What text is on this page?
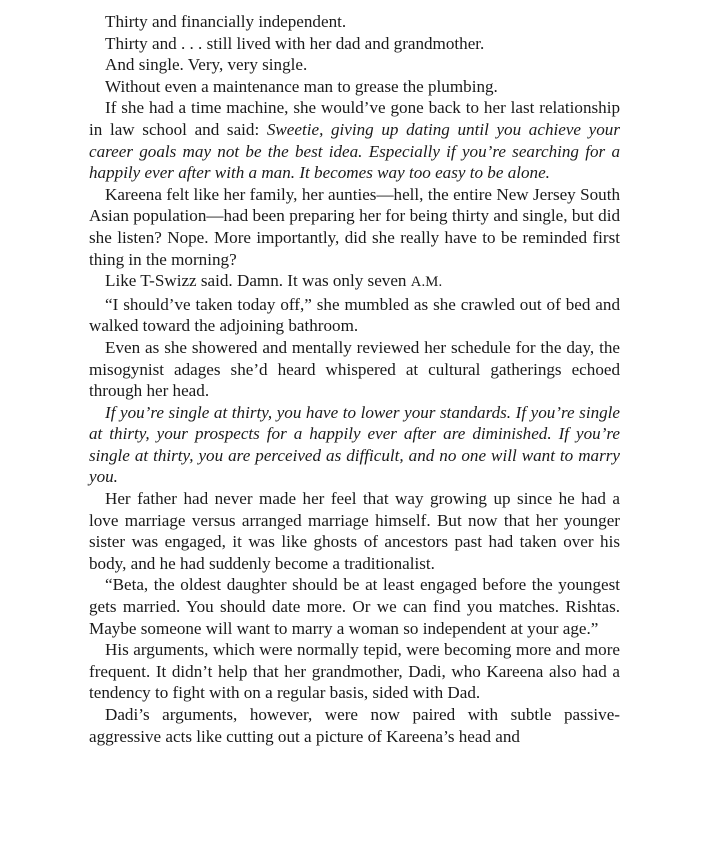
Thirty and financially independent.

Thirty and . . . still lived with her dad and grandmother.

And single. Very, very single.

Without even a maintenance man to grease the plumbing.

If she had a time machine, she would’ve gone back to her last relationship in law school and said: Sweetie, giving up dating until you achieve your career goals may not be the best idea. Especially if you’re searching for a happily ever after with a man. It becomes way too easy to be alone.

Kareena felt like her family, her aunties—hell, the entire New Jersey South Asian population—had been preparing her for being thirty and single, but did she listen? Nope. More importantly, did she really have to be reminded first thing in the morning?

Like T-Swizz said. Damn. It was only seven A.M.

“I should’ve taken today off,” she mumbled as she crawled out of bed and walked toward the adjoining bathroom.

Even as she showered and mentally reviewed her schedule for the day, the misogynist adages she’d heard whispered at cultural gatherings echoed through her head.

If you’re single at thirty, you have to lower your standards. If you’re single at thirty, your prospects for a happily ever after are diminished. If you’re single at thirty, you are perceived as difficult, and no one will want to marry you.

Her father had never made her feel that way growing up since he had a love marriage versus arranged marriage himself. But now that her younger sister was engaged, it was like ghosts of ancestors past had taken over his body, and he had suddenly become a traditionalist.

“Beta, the oldest daughter should be at least engaged before the youngest gets married. You should date more. Or we can find you matches. Rishtas. Maybe someone will want to marry a woman so independent at your age.”

His arguments, which were normally tepid, were becoming more and more frequent. It didn’t help that her grandmother, Dadi, who Kareena also had a tendency to fight with on a regular basis, sided with Dad.

Dadi’s arguments, however, were now paired with subtle passive-aggressive acts like cutting out a picture of Kareena’s head and
